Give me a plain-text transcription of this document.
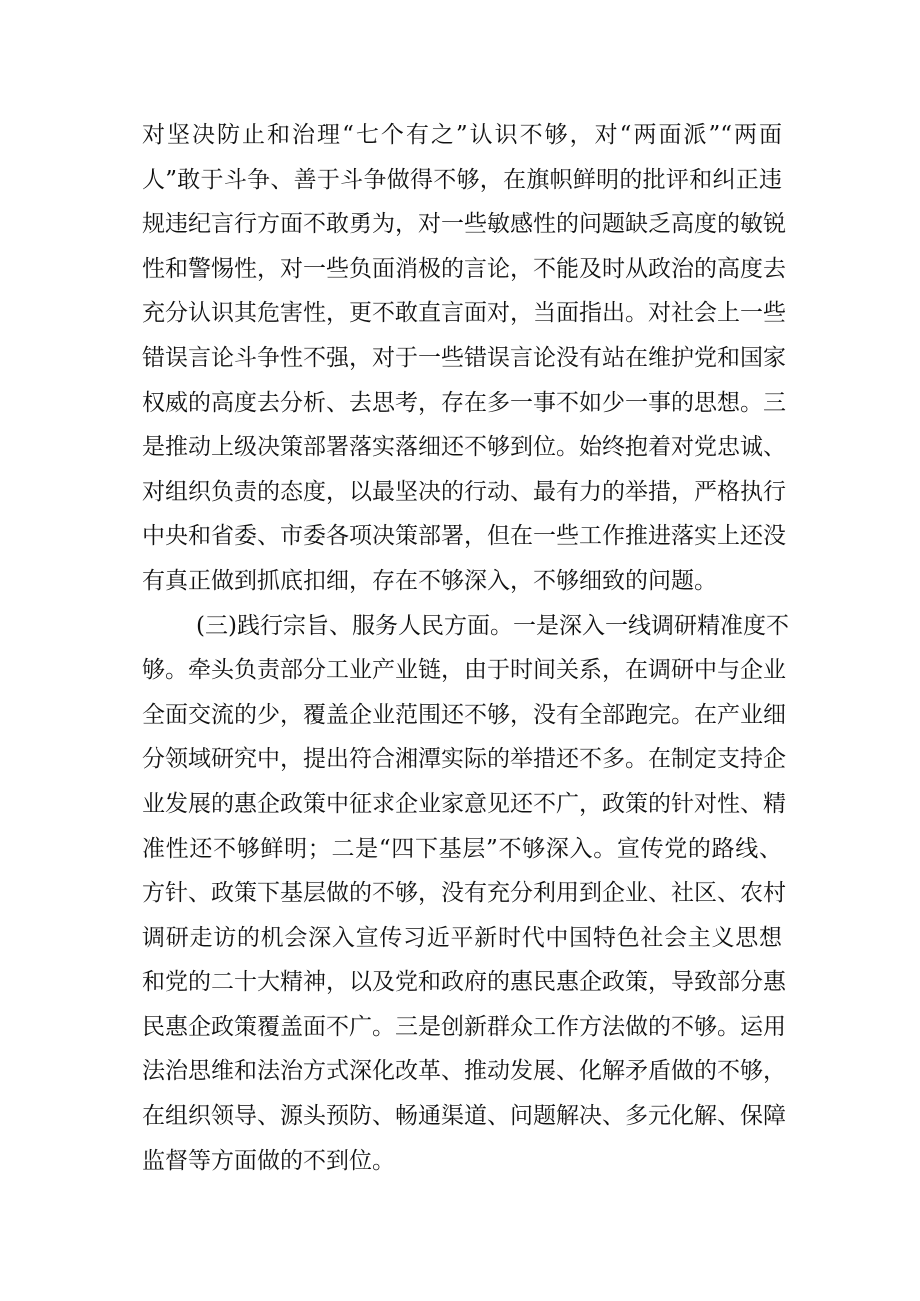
对坚决防止和治理“七个有之”认识不够，对“两面派”“两面
人”敢于斗争、善于斗争做得不够，在旗帜鲜明的批评和纠正违
规违纪言行方面不敢勇为，对一些敏感性的问题缺乏高度的敏锐
性和警惕性，对一些负面消极的言论，不能及时从政治的高度去
充分认识其危害性，更不敢直言面对，当面指出。对社会上一些
错误言论斗争性不强，对于一些错误言论没有站在维护党和国家
权威的高度去分析、去思考，存在多一事不如少一事的思想。三
是推动上级决策部署落实落细还不够到位。始终抱着对党忠诚、
对组织负责的态度，以最坚决的行动、最有力的举措，严格执行
中央和省委、市委各项决策部署，但在一些工作推进落实上还没
有真正做到抓底扣细，存在不够深入，不够细致的问题。
(三)践行宗旨、服务人民方面。一是深入一线调研精准度不
够。牵头负责部分工业产业链，由于时间关系，在调研中与企业
全面交流的少，覆盖企业范围还不够，没有全部跑完。在产业细
分领域研究中，提出符合湘潭实际的举措还不多。在制定支持企
业发展的惠企政策中征求企业家意见还不广，政策的针对性、精
准性还不够鲜明；二是“四下基层”不够深入。宣传党的路线、
方针、政策下基层做的不够，没有充分利用到企业、社区、农村
调研走访的机会深入宣传习近平新时代中国特色社会主义思想
和党的二十大精神，以及党和政府的惠民惠企政策，导致部分惠
民惠企政策覆盖面不广。三是创新群众工作方法做的不够。运用
法治思维和法治方式深化改革、推动发展、化解矛盾做的不够，
在组织领导、源头预防、畅通渠道、问题解决、多元化解、保障
监督等方面做的不到位。
